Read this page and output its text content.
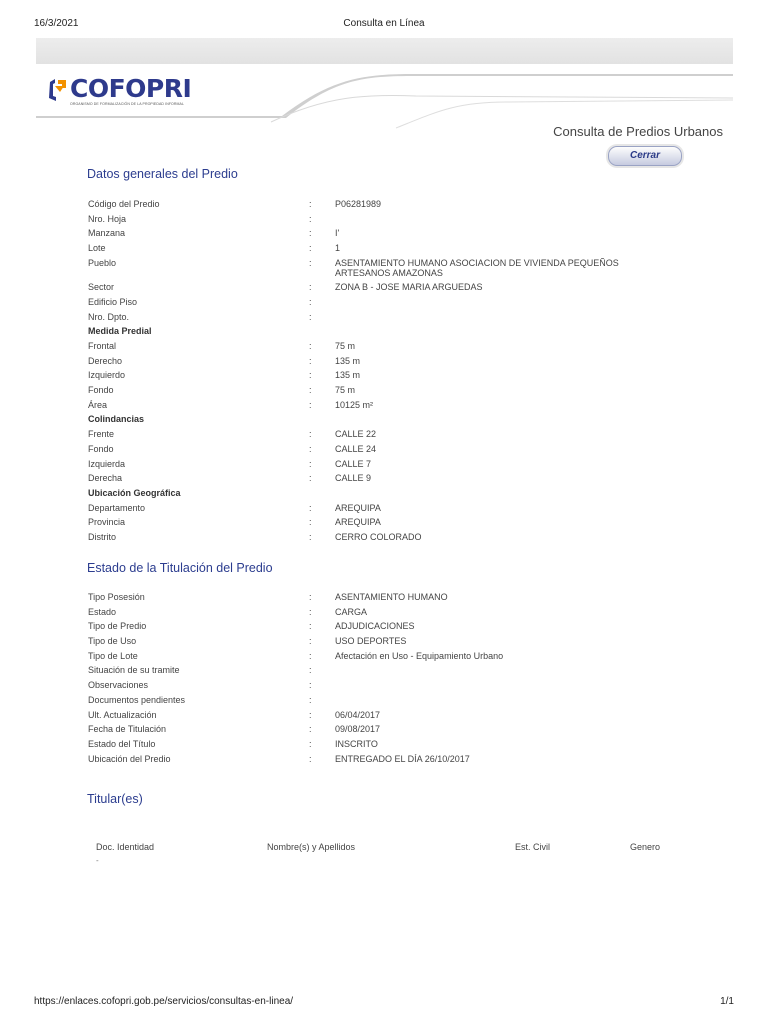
16/3/2021	Consulta en Línea
COFOPRI
ORGANISMO DE FORMALIZACIÓN DE LA PROPIEDAD INFORMAL
Consulta de Predios Urbanos
Cerrar
Datos generales del Predio
Código del Predio	:	P06281989
Nro. Hoja	:
Manzana	:	I'
Lote	:	1
Pueblo	:	ASENTAMIENTO HUMANO ASOCIACION DE VIVIENDA PEQUEÑOS ARTESANOS AMAZONAS
Sector	:	ZONA B - JOSE MARIA ARGUEDAS
Edificio Piso	:
Nro. Dpto.	:
Medida Predial
Frontal	:	75 m
Derecho	:	135 m
Izquierdo	:	135 m
Fondo	:	75 m
Área	:	10125 m²
Colindancias
Frente	:	CALLE 22
Fondo	:	CALLE 24
Izquierda	:	CALLE 7
Derecha	:	CALLE 9
Ubicación Geográfica
Departamento	:	AREQUIPA
Provincia	:	AREQUIPA
Distrito	:	CERRO COLORADO
Estado de la Titulación del Predio
Tipo Posesión	:	ASENTAMIENTO HUMANO
Estado	:	CARGA
Tipo de Predio	:	ADJUDICACIONES
Tipo de Uso	:	USO DEPORTES
Tipo de Lote	:	Afectación en Uso - Equipamiento Urbano
Situación de su tramite	:
Observaciones	:
Documentos pendientes	:
Ult. Actualización	:	06/04/2017
Fecha de Titulación	:	09/08/2017
Estado del Título	:	INSCRITO
Ubicación del Predio	:	ENTREGADO EL DÍA 26/10/2017
Titular(es)
Doc. Identidad	Nombre(s) y Apellidos	Est. Civil	Genero
-
https://enlaces.cofopri.gob.pe/servicios/consultas-en-linea/	1/1
